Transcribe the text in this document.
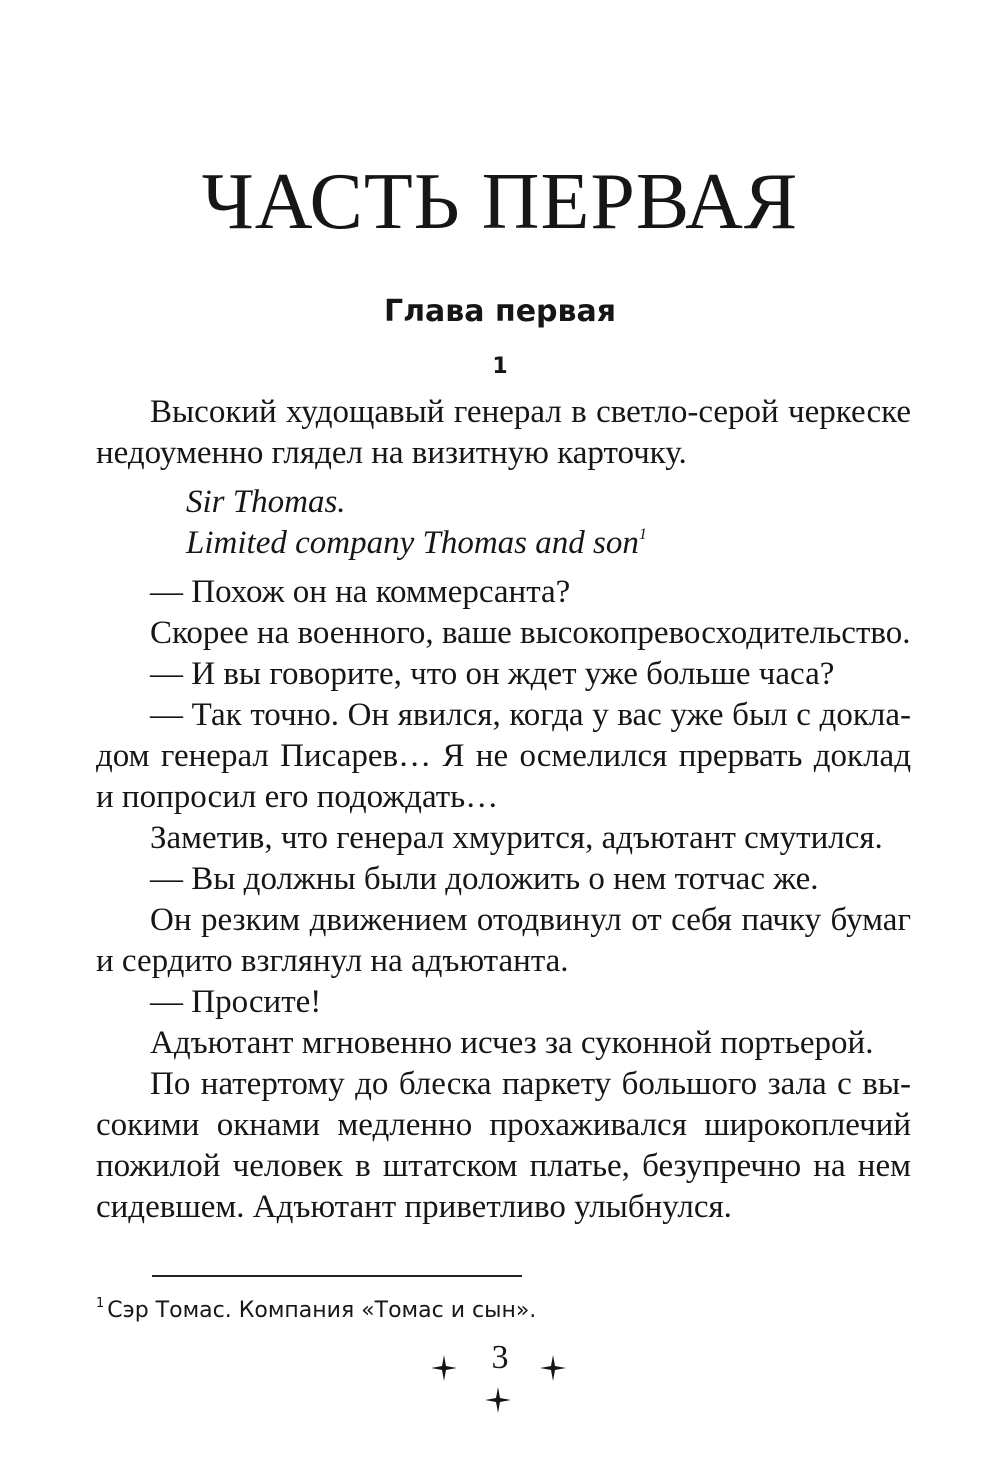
ЧАСТЬ ПЕРВАЯ
Глава первая
1
Высокий худощавый генерал в светло-серой черкеске
недоуменно глядел на визитную карточку.
Sir Thomas.
Limited company Thomas and son$^1$
— Похож он на коммерсанта?
Скорее на военного, ваше высокопревосходительство.
— И вы говорите, что он ждет уже больше часа?
— Так точно. Он явился, когда у вас уже был с докла-
дом генерал Писарев… Я не осмелился прервать доклад
и попросил его подождать…
Заметив, что генерал хмурится, адъютант смутился.
— Вы должны были доложить о нем тотчас же.
Он резким движением отодвинул от себя пачку бумаг
и сердито взглянул на адъютанта.
— Просите!
Адъютант мгновенно исчез за суконной портьерой.
По натертому до блеска паркету большого зала с вы-
сокими окнами медленно прохаживался широкоплечий
пожилой человек в штатском платье, безупречно на нем
сидевшем. Адъютант приветливо улыбнулся.
$^1$ Сэр Томас. Компания «Томас и сын».
3
